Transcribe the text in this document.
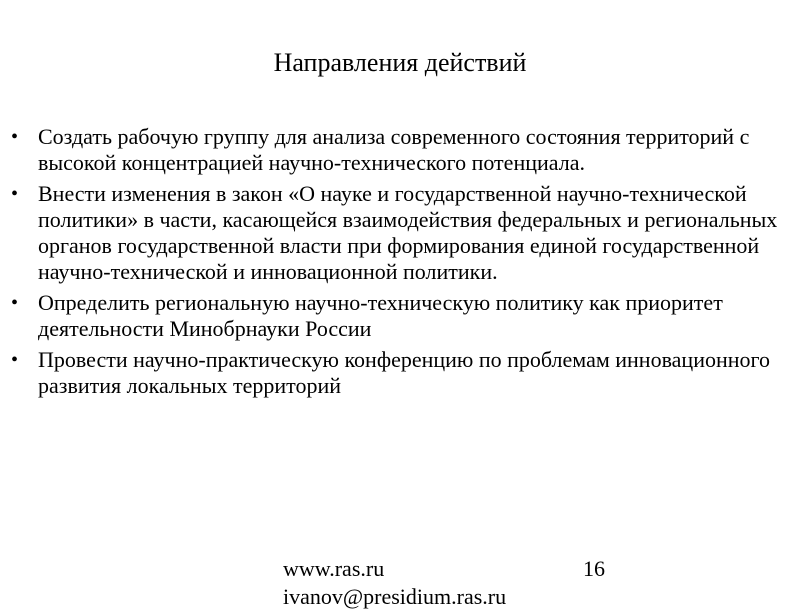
Направления действий
• Создать рабочую группу для анализа современного состояния территорий с высокой концентрацией научно-технического потенциала.
• Внести изменения в закон «О науке и государственной научно-технической политики» в части, касающейся взаимодействия федеральных и региональных органов государственной власти при формирования единой государственной научно-технической и инновационной политики.
• Определить региональную научно-техническую политику как приоритет деятельности Минобрнауки России
• Провести научно-практическую конференцию по проблемам инновационного развития локальных территорий
www.ras.ru
ivanov@presidium.ras.ru
16
